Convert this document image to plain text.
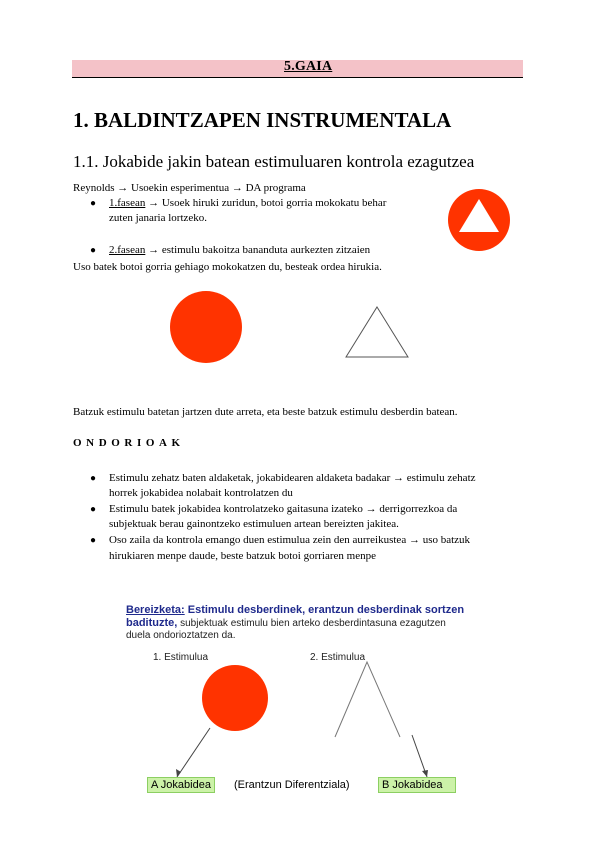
5.GAIA
1. BALDINTZAPEN INSTRUMENTALA
1.1. Jokabide jakin batean estimuluaren kontrola ezagutzea
Reynolds → Usoekin esperimentua → DA programa
● 1.fasean → Usoek hiruki zuridun, botoi gorria mokokatu behar
zuten janaria lortzeko.
● 2.fasean → estimulu bakoitza bananduta aurkezten zitzaien
Uso batek botoi gorria gehiago mokokatzen du, besteak ordea hirukia.
Batzuk estimulu batetan jartzen dute arreta, eta beste batzuk estimulu desberdin batean.
ONDORIOAK
● Estimulu zehatz baten aldaketak, jokabidearen aldaketa badakar → estimulu zehatz
horrek jokabidea nolabait kontrolatzen du
● Estimulu batek jokabidea kontrolatzeko gaitasuna izateko → derrigorrezkoa da
subjektuak berau gainontzeko estimuluen artean bereizten jakitea.
● Oso zaila da kontrola emango duen estimulua zein den aurreikustea → uso batzuk
hirukiaren menpe daude, beste batzuk botoi gorriaren menpe
Bereizketa: Estimulu desberdinek, erantzun desberdinak sortzen
badituzte, subjektuak estimulu bien arteko desberdintasuna ezagutzen
duela ondorioztatzen da.
1. Estimulua	2. Estimulua
A Jokabidea	(Erantzun Diferentziala)	B Jokabidea
